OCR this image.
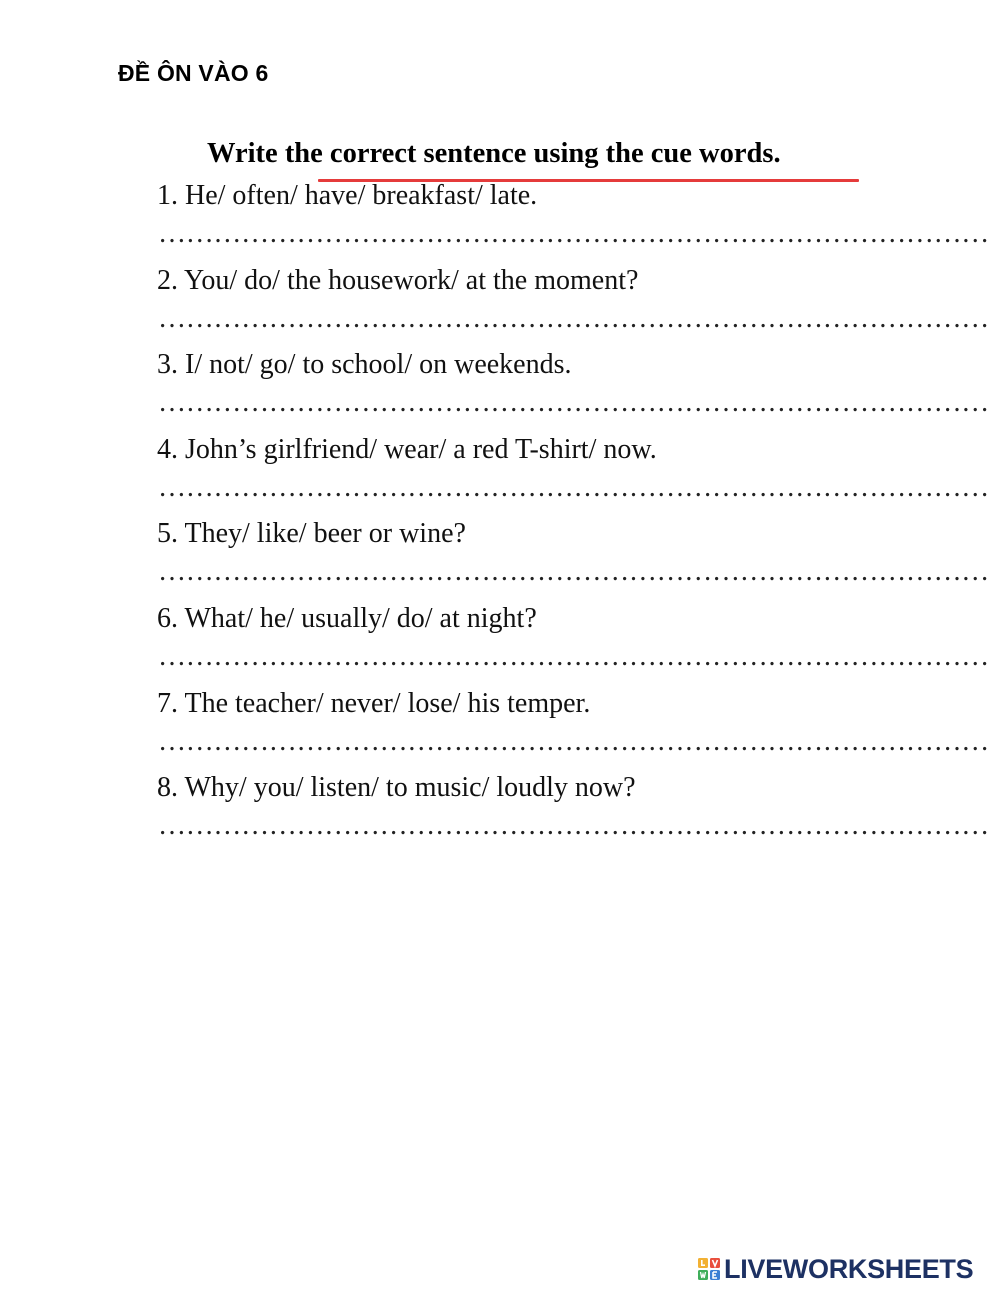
ĐỀ ÔN VÀO 6
Write the correct sentence using the cue words.
1. He/ often/ have/ breakfast/ late.
………………………………………………………………………………
2. You/ do/ the housework/ at the moment?
………………………………………………………………………………
3. I/ not/ go/ to school/ on weekends.
………………………………………………………………………………
4. John’s girlfriend/ wear/ a red T-shirt/ now.
………………………………………………………………………………
5. They/ like/ beer or wine?
………………………………………………………………………………
6. What/ he/ usually/ do/ at night?
………………………………………………………………………………
7. The teacher/ never/ lose/ his temper.
………………………………………………………………………………
8. Why/ you/ listen/ to music/ loudly now?
………………………………………………………………………………
LIVEWORKSHEETS
